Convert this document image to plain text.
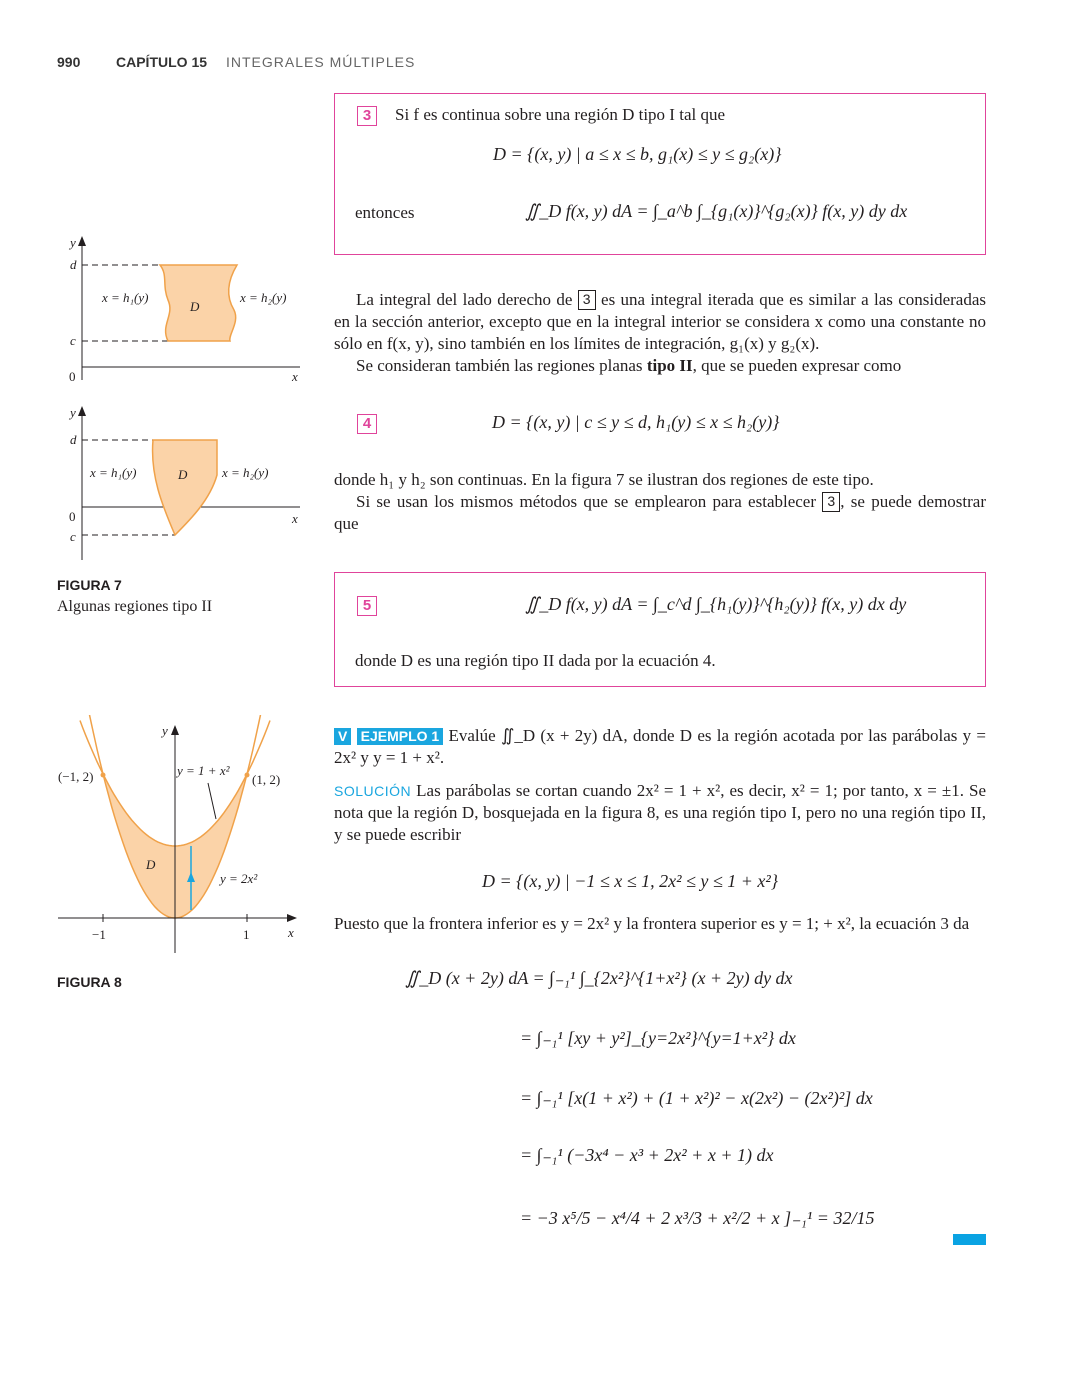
990	CAPÍTULO 15 INTEGRALES MÚLTIPLES
3	Si f es continua sobre una región D tipo I tal que
D = {(x, y) | a ≤ x ≤ b, g₁(x) ≤ y ≤ g₂(x)}
entonces	∬_D f(x, y) dA = ∫_a^b ∫_{g₁(x)}^{g₂(x)} f(x, y) dy dx

La integral del lado derecho de 3 es una integral iterada que es similar a las consideradas en la sección anterior, excepto que en la integral interior se considera x como una constante no sólo en f(x, y), sino también en los límites de integración, g₁(x) y g₂(x).

Se consideran también las regiones planas tipo II, que se pueden expresar como

4	D = {(x, y) | c ≤ y ≤ d, h₁(y) ≤ x ≤ h₂(y)}
donde h₁ y h₂ son continuas. En la figura 7 se ilustran dos regiones de este tipo.
Si se usan los mismos métodos que se emplearon para establecer 3 , se puede demostrar que
5	∬_D f(x, y) dA = ∫_c^d ∫_{h₁(y)}^{h₂(y)} f(x, y) dx dy
donde D es una región tipo II dada por la ecuación 4.

V EJEMPLO 1 Evalúe ∬_D (x + 2y) dA, donde D es la región acotada por las parábolas y = 2x² y y = 1 + x².

SOLUCIÓN Las parábolas se cortan cuando 2x² = 1 + x², es decir, x² = 1; por tanto, x = ±1. Se nota que la región D, bosquejada en la figura 8, es una región tipo I, pero no una región tipo II, y se puede escribir

D = {(x, y) | −1 ≤ x ≤ 1, 2x² ≤ y ≤ 1 + x²}

Puesto que la frontera inferior es y = 2x² y la frontera superior es y = 1; + x², la ecuación 3 da

∬_D (x + 2y) dA = ∫₋₁¹ ∫_{2x²}^{1+x²} (x + 2y) dy dx
= ∫₋₁¹ [xy + y²]_{y=2x²}^{y=1+x²} dx
= ∫₋₁¹ [x(1 + x²) + (1 + x²)² − x(2x²) − (2x²)²] dx
= ∫₋₁¹ (−3x⁴ − x³ + 2x² + x + 1) dx
= −3 x⁵/5 − x⁴/4 + 2 x³/3 + x²/2 + x ]₋₁¹ = 32/15
y
d
c
0	x
D
x = h₁(y)	x = h₂(y)
y
d
c
0	x
D
x = h₁(y)	x = h₂(y)
FIGURA 7
Algunas regiones tipo II
y
x
(−1, 2)	(1, 2)
y = 1 + x²
y = 2x²
D
−1	1
FIGURA 8
